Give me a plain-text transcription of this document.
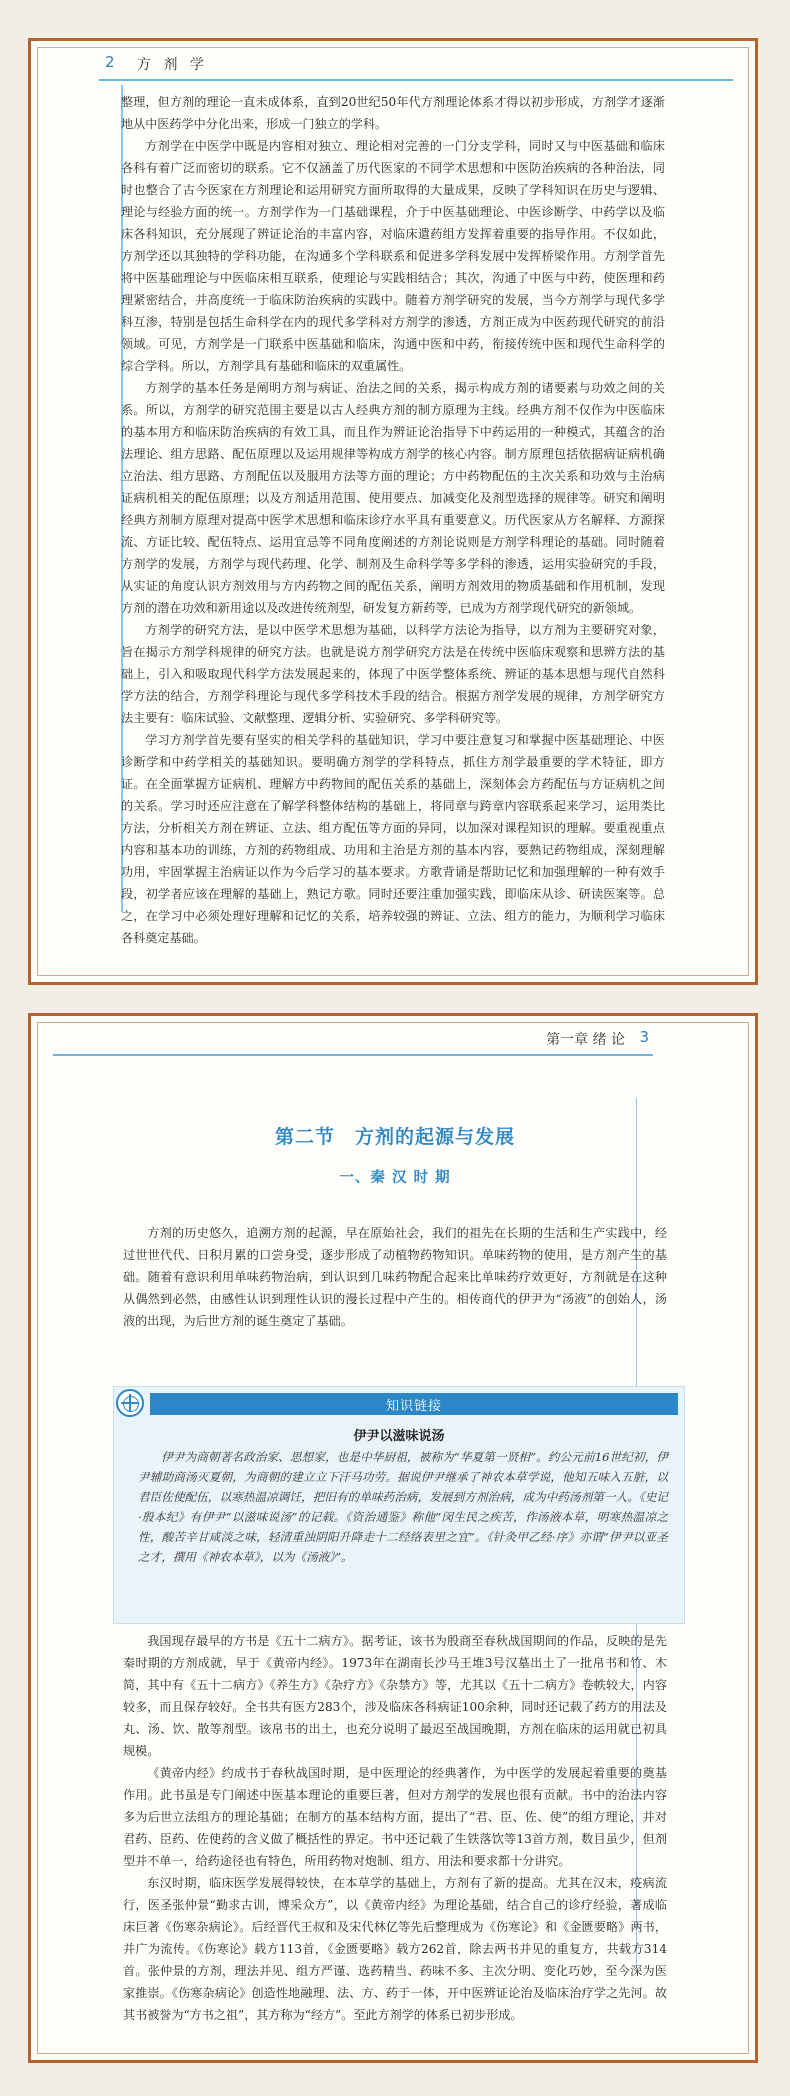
2 方 剂 学

整理，但方剂的理论一直未成体系，直到20世纪50年代方剂理论体系才得以初步形成，方剂学才逐渐地从中医药学中分化出来，形成一门独立的学科。

方剂学在中医学中既是内容相对独立、理论相对完善的一门分支学科，同时又与中医基础和临床各科有着广泛而密切的联系。它不仅涵盖了历代医家的不同学术思想和中医防治疾病的各种治法，同时也整合了古今医家在方剂理论和运用研究方面所取得的大量成果，反映了学科知识在历史与逻辑、理论与经验方面的统一。方剂学作为一门基础课程，介于中医基础理论、中医诊断学、中药学以及临床各科知识，充分展现了辨证论治的丰富内容，对临床遣药组方发挥着重要的指导作用。不仅如此，方剂学还以其独特的学科功能，在沟通多个学科联系和促进多学科发展中发挥桥梁作用。方剂学首先将中医基础理论与中医临床相互联系，使理论与实践相结合；其次，沟通了中医与中药，使医理和药理紧密结合，并高度统一于临床防治疾病的实践中。随着方剂学研究的发展，当今方剂学与现代多学科互渗，特别是包括生命科学在内的现代多学科对方剂学的渗透，方剂正成为中医药现代研究的前沿领域。可见，方剂学是一门联系中医基础和临床，沟通中医和中药，衔接传统中医和现代生命科学的综合学科。所以，方剂学具有基础和临床的双重属性。

方剂学的基本任务是阐明方剂与病证、治法之间的关系，揭示构成方剂的诸要素与功效之间的关系。所以，方剂学的研究范围主要是以古人经典方剂的制方原理为主线。经典方剂不仅作为中医临床的基本用方和临床防治疾病的有效工具，而且作为辨证论治指导下中药运用的一种模式，其蕴含的治法理论、组方思路、配伍原理以及运用规律等构成方剂学的核心内容。制方原理包括依据病证病机确立治法、组方思路、方剂配伍以及服用方法等方面的理论；方中药物配伍的主次关系和功效与主治病证病机相关的配伍原理；以及方剂适用范围、使用要点、加减变化及剂型选择的规律等。研究和阐明经典方剂制方原理对提高中医学术思想和临床诊疗水平具有重要意义。历代医家从方名解释、方源探流、方证比较、配伍特点、运用宜忌等不同角度阐述的方剂论说则是方剂学科理论的基础。同时随着方剂学的发展，方剂学与现代药理、化学、制剂及生命科学等多学科的渗透，运用实验研究的手段，从实证的角度认识方剂效用与方内药物之间的配伍关系，阐明方剂效用的物质基础和作用机制，发现方剂的潜在功效和新用途以及改进传统剂型，研发复方新药等，已成为方剂学现代研究的新领域。

方剂学的研究方法，是以中医学术思想为基础，以科学方法论为指导，以方剂为主要研究对象，旨在揭示方剂学科规律的研究方法。也就是说方剂学研究方法是在传统中医临床观察和思辨方法的基础上，引入和吸取现代科学方法发展起来的，体现了中医学整体系统、辨证的基本思想与现代自然科学方法的结合，方剂学科理论与现代多学科技术手段的结合。根据方剂学发展的规律，方剂学研究方法主要有：临床试验、文献整理、逻辑分析、实验研究、多学科研究等。

学习方剂学首先要有坚实的相关学科的基础知识，学习中要注意复习和掌握中医基础理论、中医诊断学和中药学相关的基础知识。要明确方剂学的学科特点，抓住方剂学最重要的学术特征，即方证。在全面掌握方证病机、理解方中药物间的配伍关系的基础上，深刻体会方药配伍与方证病机之间的关系。学习时还应注意在了解学科整体结构的基础上，将同章与跨章内容联系起来学习，运用类比方法，分析相关方剂在辨证、立法、组方配伍等方面的异同，以加深对课程知识的理解。要重视重点内容和基本功的训练，方剂的药物组成、功用和主治是方剂的基本内容，要熟记药物组成，深刻理解功用，牢固掌握主治病证以作为今后学习的基本要求。方歌背诵是帮助记忆和加强理解的一种有效手段，初学者应该在理解的基础上，熟记方歌。同时还要注重加强实践，即临床从诊、研读医案等。总之，在学习中必须处理好理解和记忆的关系，培养较强的辨证、立法、组方的能力，为顺利学习临床各科奠定基础。

第一章 绪 论 3
第二节　方剂的起源与发展
一、秦 汉 时 期

方剂的历史悠久，追溯方剂的起源，早在原始社会，我们的祖先在长期的生活和生产实践中，经过世世代代、日积月累的口尝身受，逐步形成了动植物药物知识。单味药物的使用，是方剂产生的基础。随着有意识利用单味药物治病，到认识到几味药物配合起来比单味药疗效更好，方剂就是在这种从偶然到必然，由感性认识到理性认识的漫长过程中产生的。相传商代的伊尹为“汤液”的创始人，汤液的出现，为后世方剂的诞生奠定了基础。

知识链接
伊尹以滋味说汤

伊尹为商朝著名政治家、思想家，也是中华厨祖，被称为“华夏第一贤相”。约公元前16世纪初，伊尹辅助商汤灭夏朝，为商朝的建立立下汗马功劳。据说伊尹继承了神农本草学说，他知五味入五脏，以君臣佐使配伍，以寒热温凉调饪，把旧有的单味药治病，发展到方剂治病，成为中药汤剂第一人。《史记·殷本纪》有伊尹“以滋味说汤”的记载。《资治通鉴》称他“闵生民之疾苦，作汤液本草，明寒热温凉之性，酸苦辛甘咸淡之味，轻清重浊阴阳升降走十二经络表里之宜”。《针灸甲乙经·序》亦谓“伊尹以亚圣之才，撰用《神农本草》，以为《汤液》”。

我国现存最早的方书是《五十二病方》。据考证，该书为殷商至春秋战国期间的作品，反映的是先秦时期的方剂成就，早于《黄帝内经》。1973年在湖南长沙马王堆3号汉墓出土了一批帛书和竹、木简，其中有《五十二病方》《养生方》《杂疗方》《杂禁方》等，尤其以《五十二病方》卷帙较大，内容较多，而且保存较好。全书共有医方283个，涉及临床各科病证100余种，同时还记载了药方的用法及丸、汤、饮、散等剂型。该帛书的出土，也充分说明了最迟至战国晚期，方剂在临床的运用就已初具规模。

《黄帝内经》约成书于春秋战国时期，是中医理论的经典著作，为中医学的发展起着重要的奠基作用。此书虽是专门阐述中医基本理论的重要巨著，但对方剂学的发展也很有贡献。书中的治法内容多为后世立法组方的理论基础；在制方的基本结构方面，提出了“君、臣、佐、使”的组方理论，并对君药、臣药、佐使药的含义做了概括性的界定。书中还记载了生铁落饮等13首方剂，数目虽少，但剂型并不单一，给药途径也有特色，所用药物对炮制、组方、用法和要求都十分讲究。

东汉时期，临床医学发展得较快，在本草学的基础上，方剂有了新的提高。尤其在汉末，疫病流行，医圣张仲景“勤求古训，博采众方”，以《黄帝内经》为理论基础，结合自己的诊疗经验，著成临床巨著《伤寒杂病论》。后经晋代王叔和及宋代林亿等先后整理成为《伤寒论》和《金匮要略》两书，并广为流传。《伤寒论》载方113首，《金匮要略》载方262首，除去两书并见的重复方，共载方314首。张仲景的方剂，理法并见、组方严谨、选药精当、药味不多、主次分明、变化巧妙，至今深为医家推崇。《伤寒杂病论》创造性地融理、法、方、药于一体，开中医辨证论治及临床治疗学之先河。故其书被誉为“方书之祖”，其方称为“经方”。至此方剂学的体系已初步形成。
